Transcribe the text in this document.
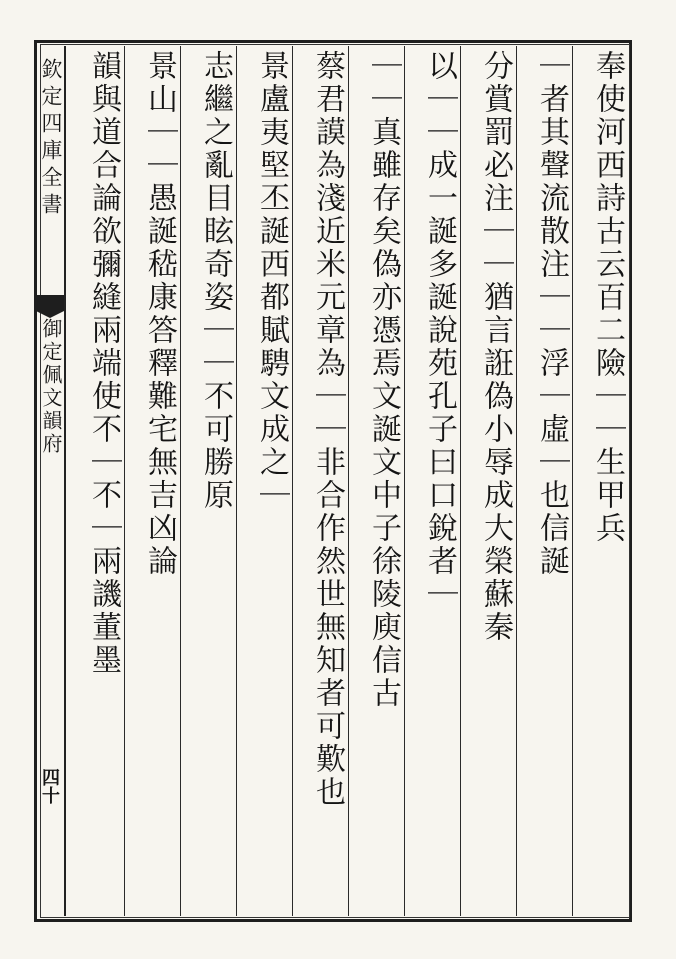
欽定四庫全書
御定佩文韻府
四十
奉使河西詩古云百二險｜｜生甲兵
｜者其聲流散注｜｜浮｜虛｜也信誕
分賞罰必注｜｜猶言誑偽小辱成大榮蘇秦
以｜｜成一誕多誕說苑孔子曰口銳者｜
｜｜真雖存矣偽亦憑焉文誕文中子徐陵庾信古
蔡君謨為淺近米元章為｜｜非合作然世無知者可歎也
景盧夷堅丕誕西都賦騁文成之｜
志繼之亂目眩奇姿｜｜不可勝原
景山｜｜愚誕嵇康答釋難宅無吉凶論
韻與道合論欲彌縫兩端使不｜不｜兩譏董墨
